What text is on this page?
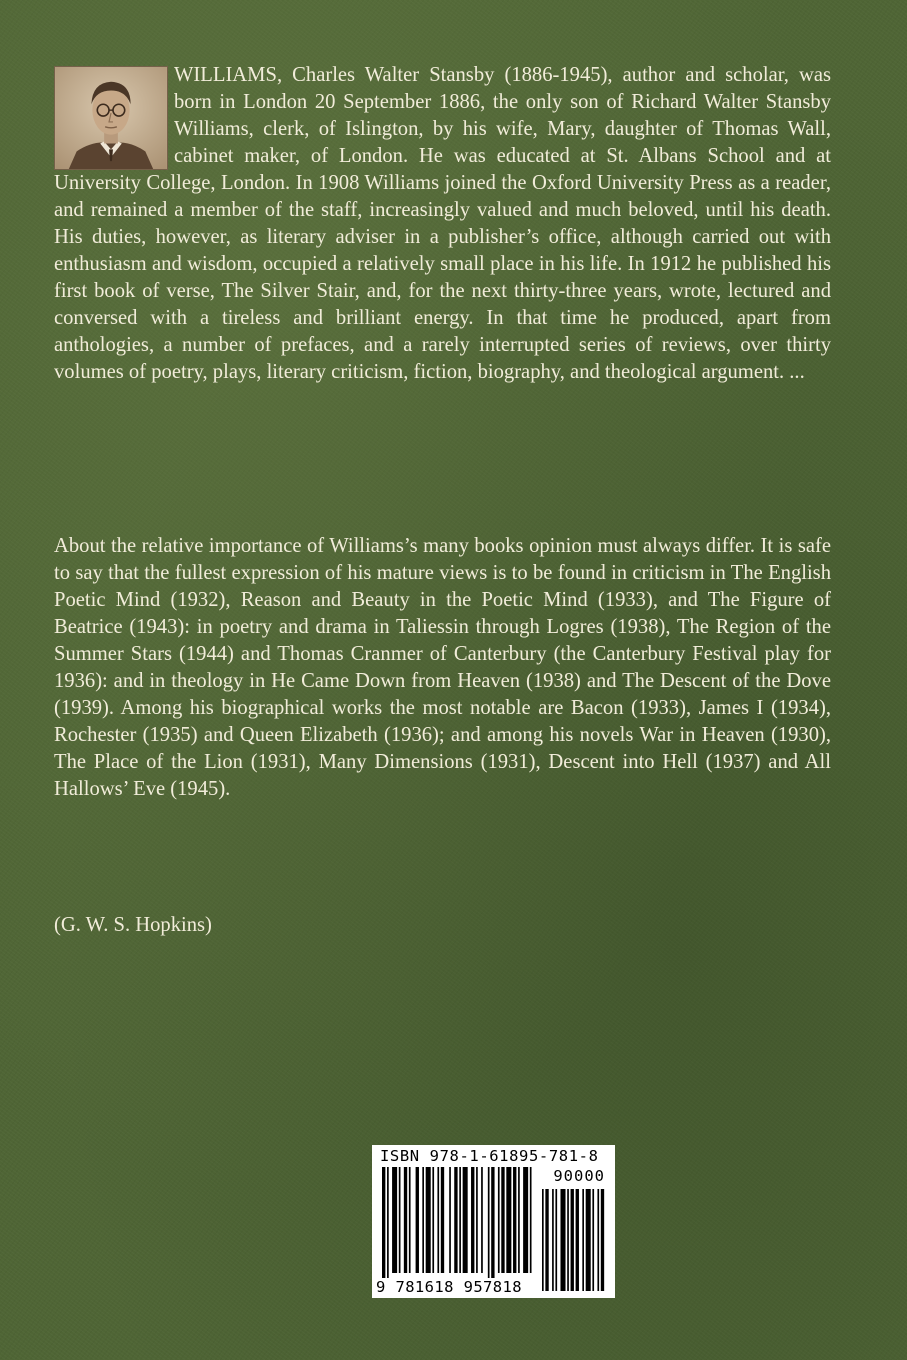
WILLIAMS, Charles Walter Stansby (1886-1945), author and scholar, was born in London 20 September 1886, the only son of Richard Walter Stansby Williams, clerk, of Islington, by his wife, Mary, daughter of Thomas Wall, cabinet maker, of London. He was educated at St. Albans School and at University College, London. In 1908 Williams joined the Oxford University Press as a reader, and remained a member of the staff, increasingly valued and much beloved, until his death. His duties, however, as literary adviser in a publisher’s office, although carried out with enthusiasm and wisdom, occupied a relatively small place in his life. In 1912 he published his first book of verse, The Silver Stair, and, for the next thirty-three years, wrote, lectured and conversed with a tireless and brilliant energy. In that time he produced, apart from anthologies, a number of prefaces, and a rarely interrupted series of reviews, over thirty volumes of poetry, plays, literary criticism, fiction, biography, and theological argument. ...

About the relative importance of Williams’s many books opinion must always differ. It is safe to say that the fullest expression of his mature views is to be found in criticism in The English Poetic Mind (1932), Reason and Beauty in the Poetic Mind (1933), and The Figure of Beatrice (1943): in poetry and drama in Taliessin through Logres (1938), The Region of the Summer Stars (1944) and Thomas Cranmer of Canterbury (the Canterbury Festival play for 1936): and in theology in He Came Down from Heaven (1938) and The Descent of the Dove (1939). Among his biographical works the most notable are Bacon (1933), James I (1934), Rochester (1935) and Queen Elizabeth (1936); and among his novels War in Heaven (1930), The Place of the Lion (1931), Many Dimensions (1931), Descent into Hell (1937) and All Hallows’ Eve (1945).

(G. W. S. Hopkins)

ISBN 978-1-61895-781-8
90000
9 781618 957818
